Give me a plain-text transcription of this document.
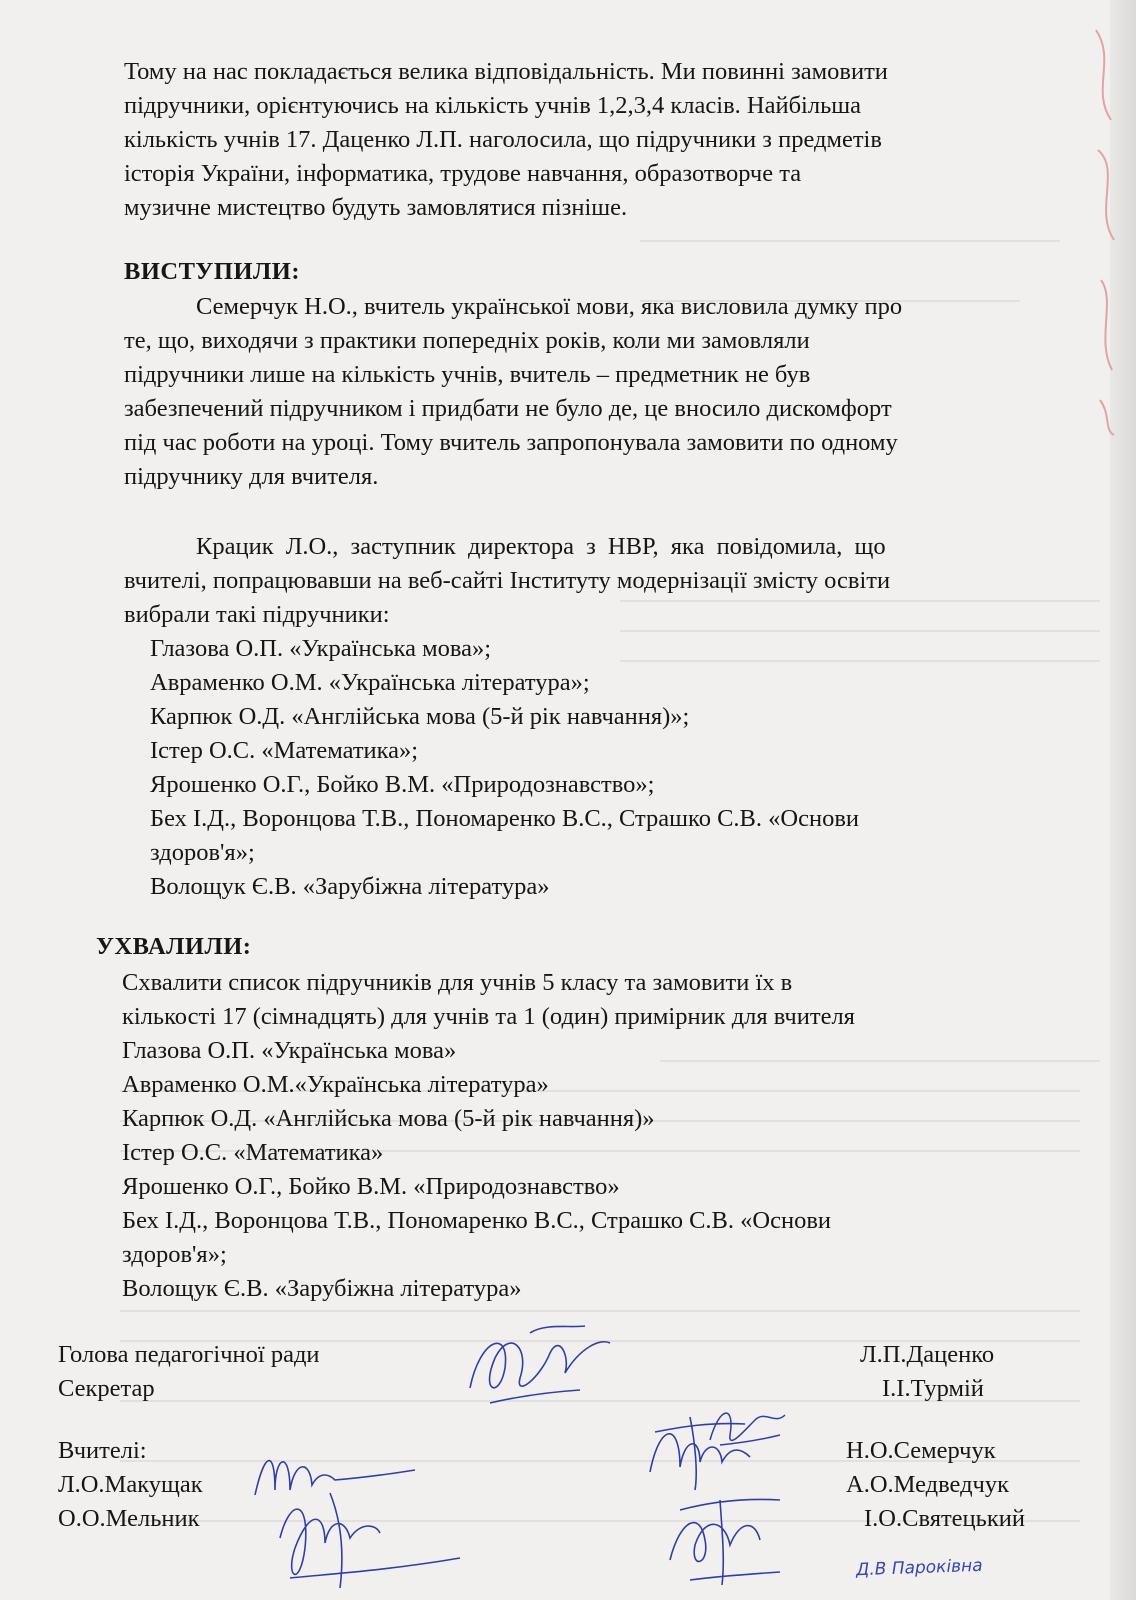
Тому на нас покладається велика відповідальність. Ми повинні замовити
підручники, орієнтуючись на кількість учнів 1,2,3,4 класів. Найбільша
кількість учнів 17. Даценко Л.П. наголосила, що підручники з предметів
історія України, інформатика, трудове навчання, образотворче та
музичне мистецтво будуть замовлятися пізніше.
ВИСТУПИЛИ:
Семерчук Н.О., вчитель української мови, яка висловила думку про
те, що, виходячи з практики попередніх років, коли ми замовляли
підручники лише на кількість учнів, вчитель – предметник не був
забезпечений підручником і придбати не було де, це вносило дискомфорт
під час роботи на уроці. Тому вчитель запропонувала замовити по одному
підручнику для вчителя.
Крацик Л.О., заступник директора з НВР, яка повідомила, що
вчителі, попрацювавши на веб-сайті Інституту модернізації змісту освіти
вибрали такі підручники:
Глазова О.П. «Українська мова»;
Авраменко О.М. «Українська література»;
Карпюк О.Д. «Англійська мова (5-й рік навчання)»;
Істер О.С. «Математика»;
Ярошенко О.Г., Бойко В.М. «Природознавство»;
Бех І.Д., Воронцова Т.В., Пономаренко В.С., Страшко С.В. «Основи
здоров'я»;
Волощук Є.В. «Зарубіжна література»
УХВАЛИЛИ:
Схвалити список підручників для учнів 5 класу та замовити їх в
кількості 17 (сімнадцять) для учнів та 1 (один) примірник для вчителя
Глазова О.П. «Українська мова»
Авраменко О.М.«Українська література»
Карпюк О.Д. «Англійська мова (5-й рік навчання)»
Істер О.С. «Математика»
Ярошенко О.Г., Бойко В.М. «Природознавство»
Бех І.Д., Воронцова Т.В., Пономаренко В.С., Страшко С.В. «Основи
здоров'я»;
Волощук Є.В. «Зарубіжна література»
Голова педагогічної ради	Л.П.Даценко
Секретар	І.І.Турмій
Вчителі:
Л.О.Макущак
О.О.Мельник
Н.О.Семерчук
А.О.Медведчук
І.О.Святецький
Д.В Пароківна
